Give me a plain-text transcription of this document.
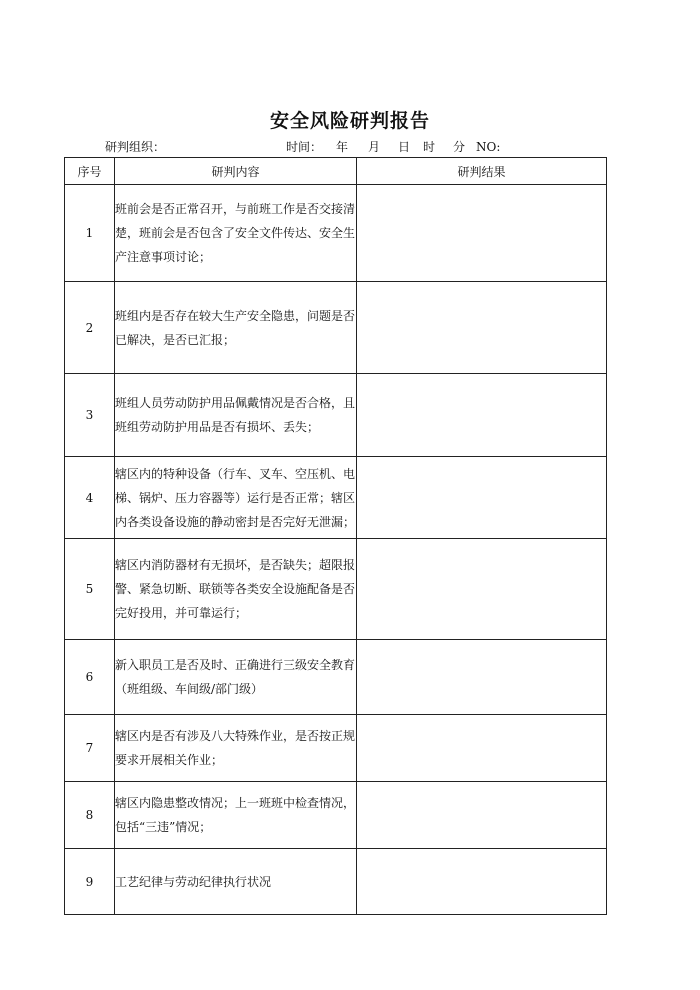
安全风险研判报告
研判组织：	时间： 年 月 日 时 分 NO:
序号	研判内容	研判结果
1	班前会是否正常召开，与前班工作是否交接清楚，班前会是否包含了安全文件传达、安全生产注意事项讨论；	

2	班组内是否存在较大生产安全隐患，问题是否已解决，是否已汇报；	

3	班组人员劳动防护用品佩戴情况是否合格，且班组劳动防护用品是否有损坏、丢失；	

4	辖区内的特种设备（行车、叉车、空压机、电梯、锅炉、压力容器等）运行是否正常；辖区内各类设备设施的静动密封是否完好无泄漏；	

5	辖区内消防器材有无损坏，是否缺失；超限报警、紧急切断、联锁等各类安全设施配备是否完好投用，并可靠运行；	

6	新入职员工是否及时、正确进行三级安全教育（班组级、车间级/部门级）	

7	辖区内是否有涉及八大特殊作业，是否按正规要求开展相关作业；	

8	辖区内隐患整改情况；上一班班中检查情况，包括“三违”情况；	

9	工艺纪律与劳动纪律执行状况	
